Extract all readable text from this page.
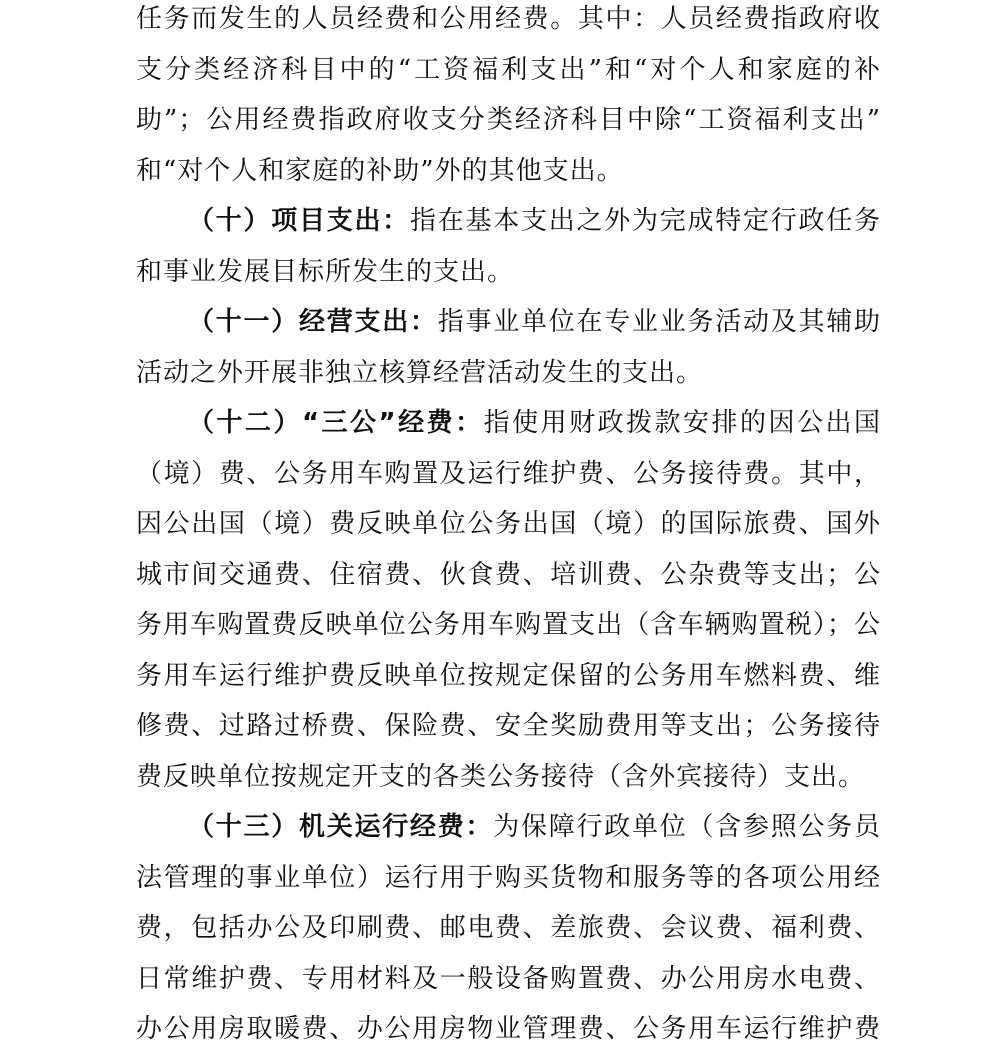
任务而发生的人员经费和公用经费。其中：人员经费指政府收
支分类经济科目中的“工资福利支出”和“对个人和家庭的补
助”；公用经费指政府收支分类经济科目中除“工资福利支出”
和“对个人和家庭的补助”外的其他支出。
（十）项目支出：指在基本支出之外为完成特定行政任务
和事业发展目标所发生的支出。
（十一）经营支出：指事业单位在专业业务活动及其辅助
活动之外开展非独立核算经营活动发生的支出。
（十二）“三公”经费：指使用财政拨款安排的因公出国
（境）费、公务用车购置及运行维护费、公务接待费。其中，
因公出国（境）费反映单位公务出国（境）的国际旅费、国外
城市间交通费、住宿费、伙食费、培训费、公杂费等支出；公
务用车购置费反映单位公务用车购置支出（含车辆购置税）；公
务用车运行维护费反映单位按规定保留的公务用车燃料费、维
修费、过路过桥费、保险费、安全奖励费用等支出；公务接待
费反映单位按规定开支的各类公务接待（含外宾接待）支出。
（十三）机关运行经费：为保障行政单位（含参照公务员
法管理的事业单位）运行用于购买货物和服务等的各项公用经
费，包括办公及印刷费、邮电费、差旅费、会议费、福利费、
日常维护费、专用材料及一般设备购置费、办公用房水电费、
办公用房取暖费、办公用房物业管理费、公务用车运行维护费
